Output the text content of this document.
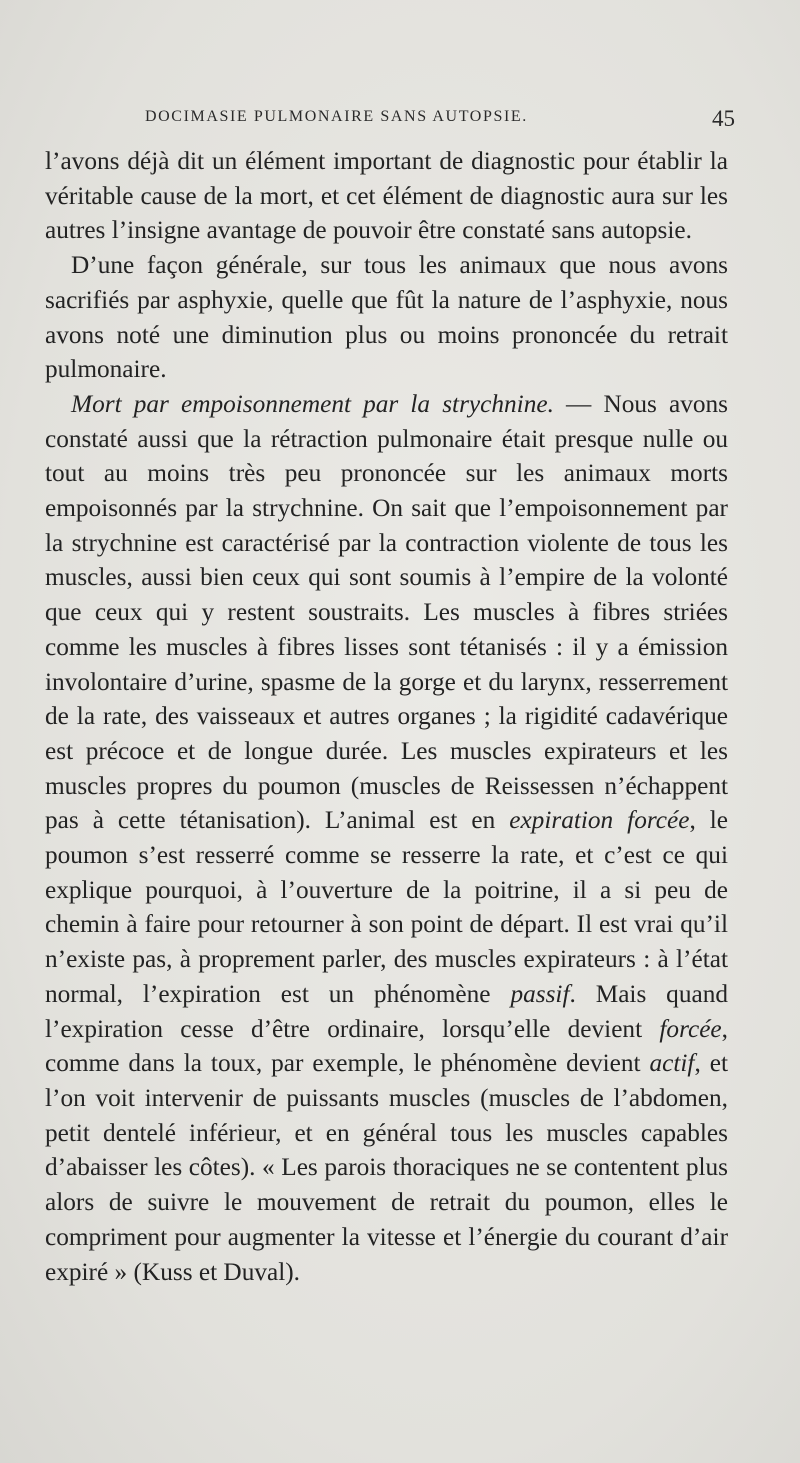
DOCIMASIE PULMONAIRE SANS AUTOPSIE.	45

l’avons déjà dit un élément important de diagnostic pour établir la véritable cause de la mort, et cet élément de diagnostic aura sur les autres l’insigne avantage de pouvoir être constaté sans autopsie.

D’une façon générale, sur tous les animaux que nous avons sacrifiés par asphyxie, quelle que fût la nature de l’asphyxie, nous avons noté une diminution plus ou moins prononcée du retrait pulmonaire.

Mort par empoisonnement par la strychnine. — Nous avons constaté aussi que la rétraction pulmonaire était presque nulle ou tout au moins très peu prononcée sur les animaux morts empoisonnés par la strychnine. On sait que l’empoisonnement par la strychnine est caractérisé par la contraction violente de tous les muscles, aussi bien ceux qui sont soumis à l’empire de la volonté que ceux qui y restent soustraits. Les muscles à fibres striées comme les muscles à fibres lisses sont tétanisés : il y a émission involontaire d’urine, spasme de la gorge et du larynx, resserrement de la rate, des vaisseaux et autres organes ; la rigidité cadavérique est précoce et de longue durée. Les muscles expirateurs et les muscles propres du poumon (muscles de Reissessen n’échappent pas à cette tétanisation). L’animal est en expiration forcée, le poumon s’est resserré comme se resserre la rate, et c’est ce qui explique pourquoi, à l’ouverture de la poitrine, il a si peu de chemin à faire pour retourner à son point de départ. Il est vrai qu’il n’existe pas, à proprement parler, des muscles expirateurs : à l’état normal, l’expiration est un phénomène passif. Mais quand l’expiration cesse d’être ordinaire, lorsqu’elle devient forcée, comme dans la toux, par exemple, le phénomène devient actif, et l’on voit intervenir de puissants muscles (muscles de l’abdomen, petit dentelé inférieur, et en général tous les muscles capables d’abaisser les côtes). « Les parois thoraciques ne se contentent plus alors de suivre le mouvement de retrait du poumon, elles le compriment pour augmenter la vitesse et l’énergie du courant d’air expiré » (Kuss et Duval).
